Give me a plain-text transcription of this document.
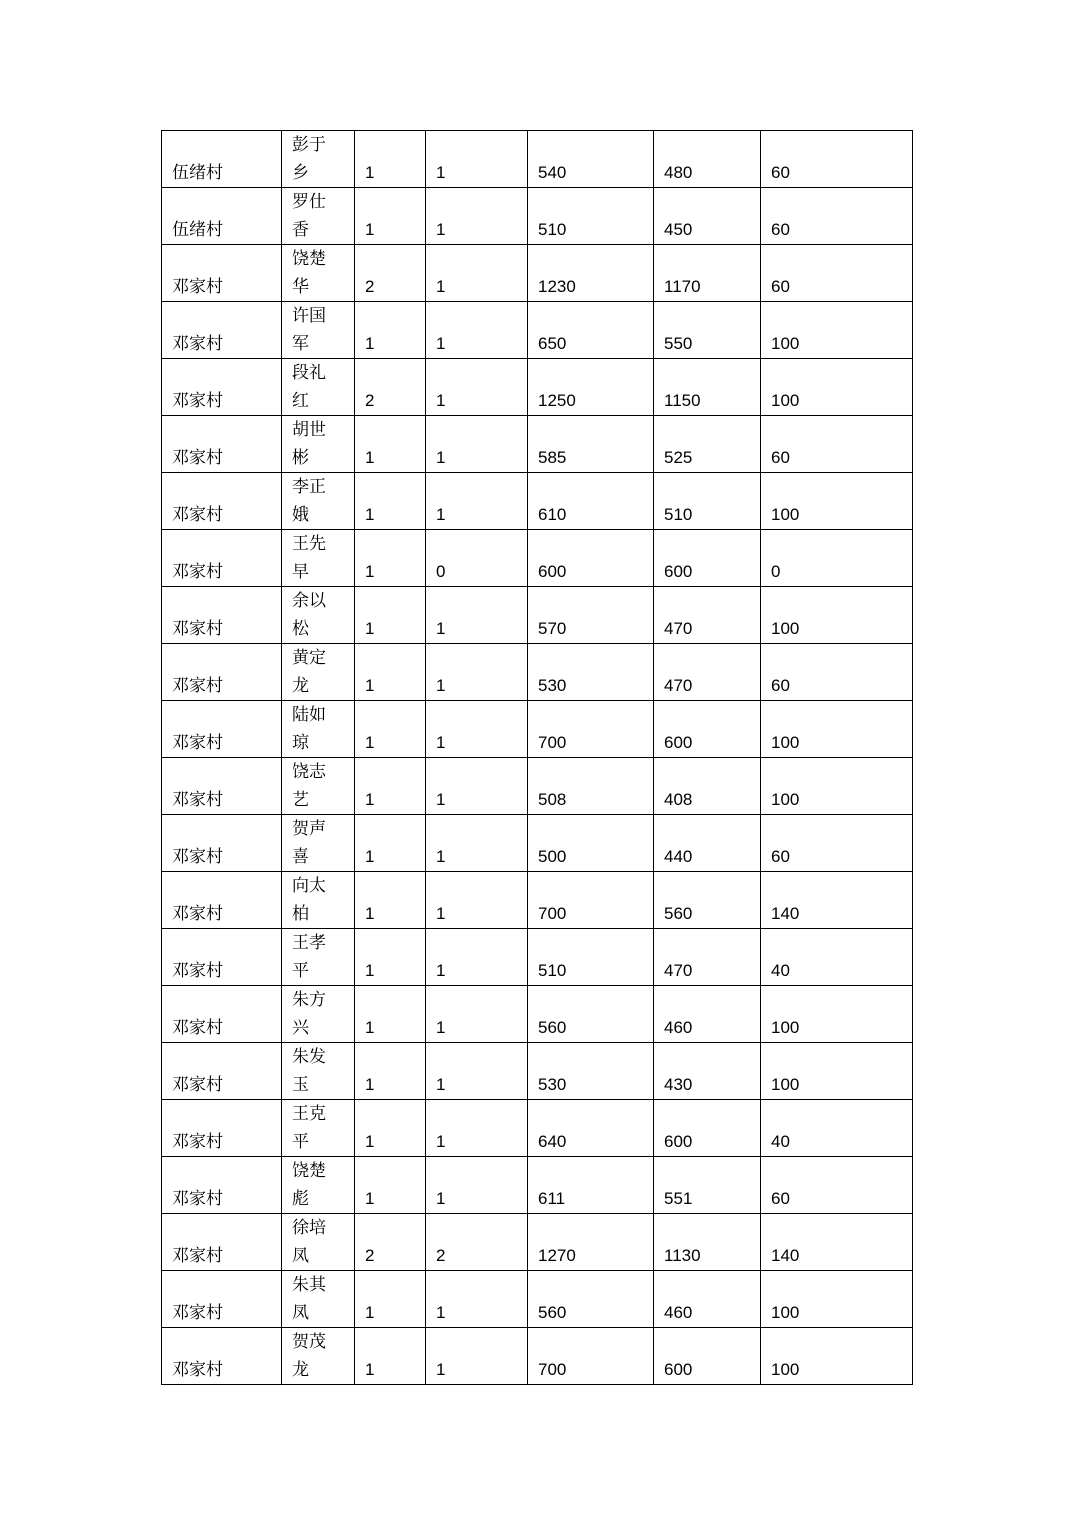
伍绪村	彭于乡	1	1	540	480	60
伍绪村	罗仕香	1	1	510	450	60
邓家村	饶楚华	2	1	1230	1170	60
邓家村	许国军	1	1	650	550	100
邓家村	段礼红	2	1	1250	1150	100
邓家村	胡世彬	1	1	585	525	60
邓家村	李正娥	1	1	610	510	100
邓家村	王先早	1	0	600	600	0
邓家村	余以松	1	1	570	470	100
邓家村	黄定龙	1	1	530	470	60
邓家村	陆如琼	1	1	700	600	100
邓家村	饶志艺	1	1	508	408	100
邓家村	贺声喜	1	1	500	440	60
邓家村	向太柏	1	1	700	560	140
邓家村	王孝平	1	1	510	470	40
邓家村	朱方兴	1	1	560	460	100
邓家村	朱发玉	1	1	530	430	100
邓家村	王克平	1	1	640	600	40
邓家村	饶楚彪	1	1	611	551	60
邓家村	徐培凤	2	2	1270	1130	140
邓家村	朱其凤	1	1	560	460	100
邓家村	贺茂龙	1	1	700	600	100
